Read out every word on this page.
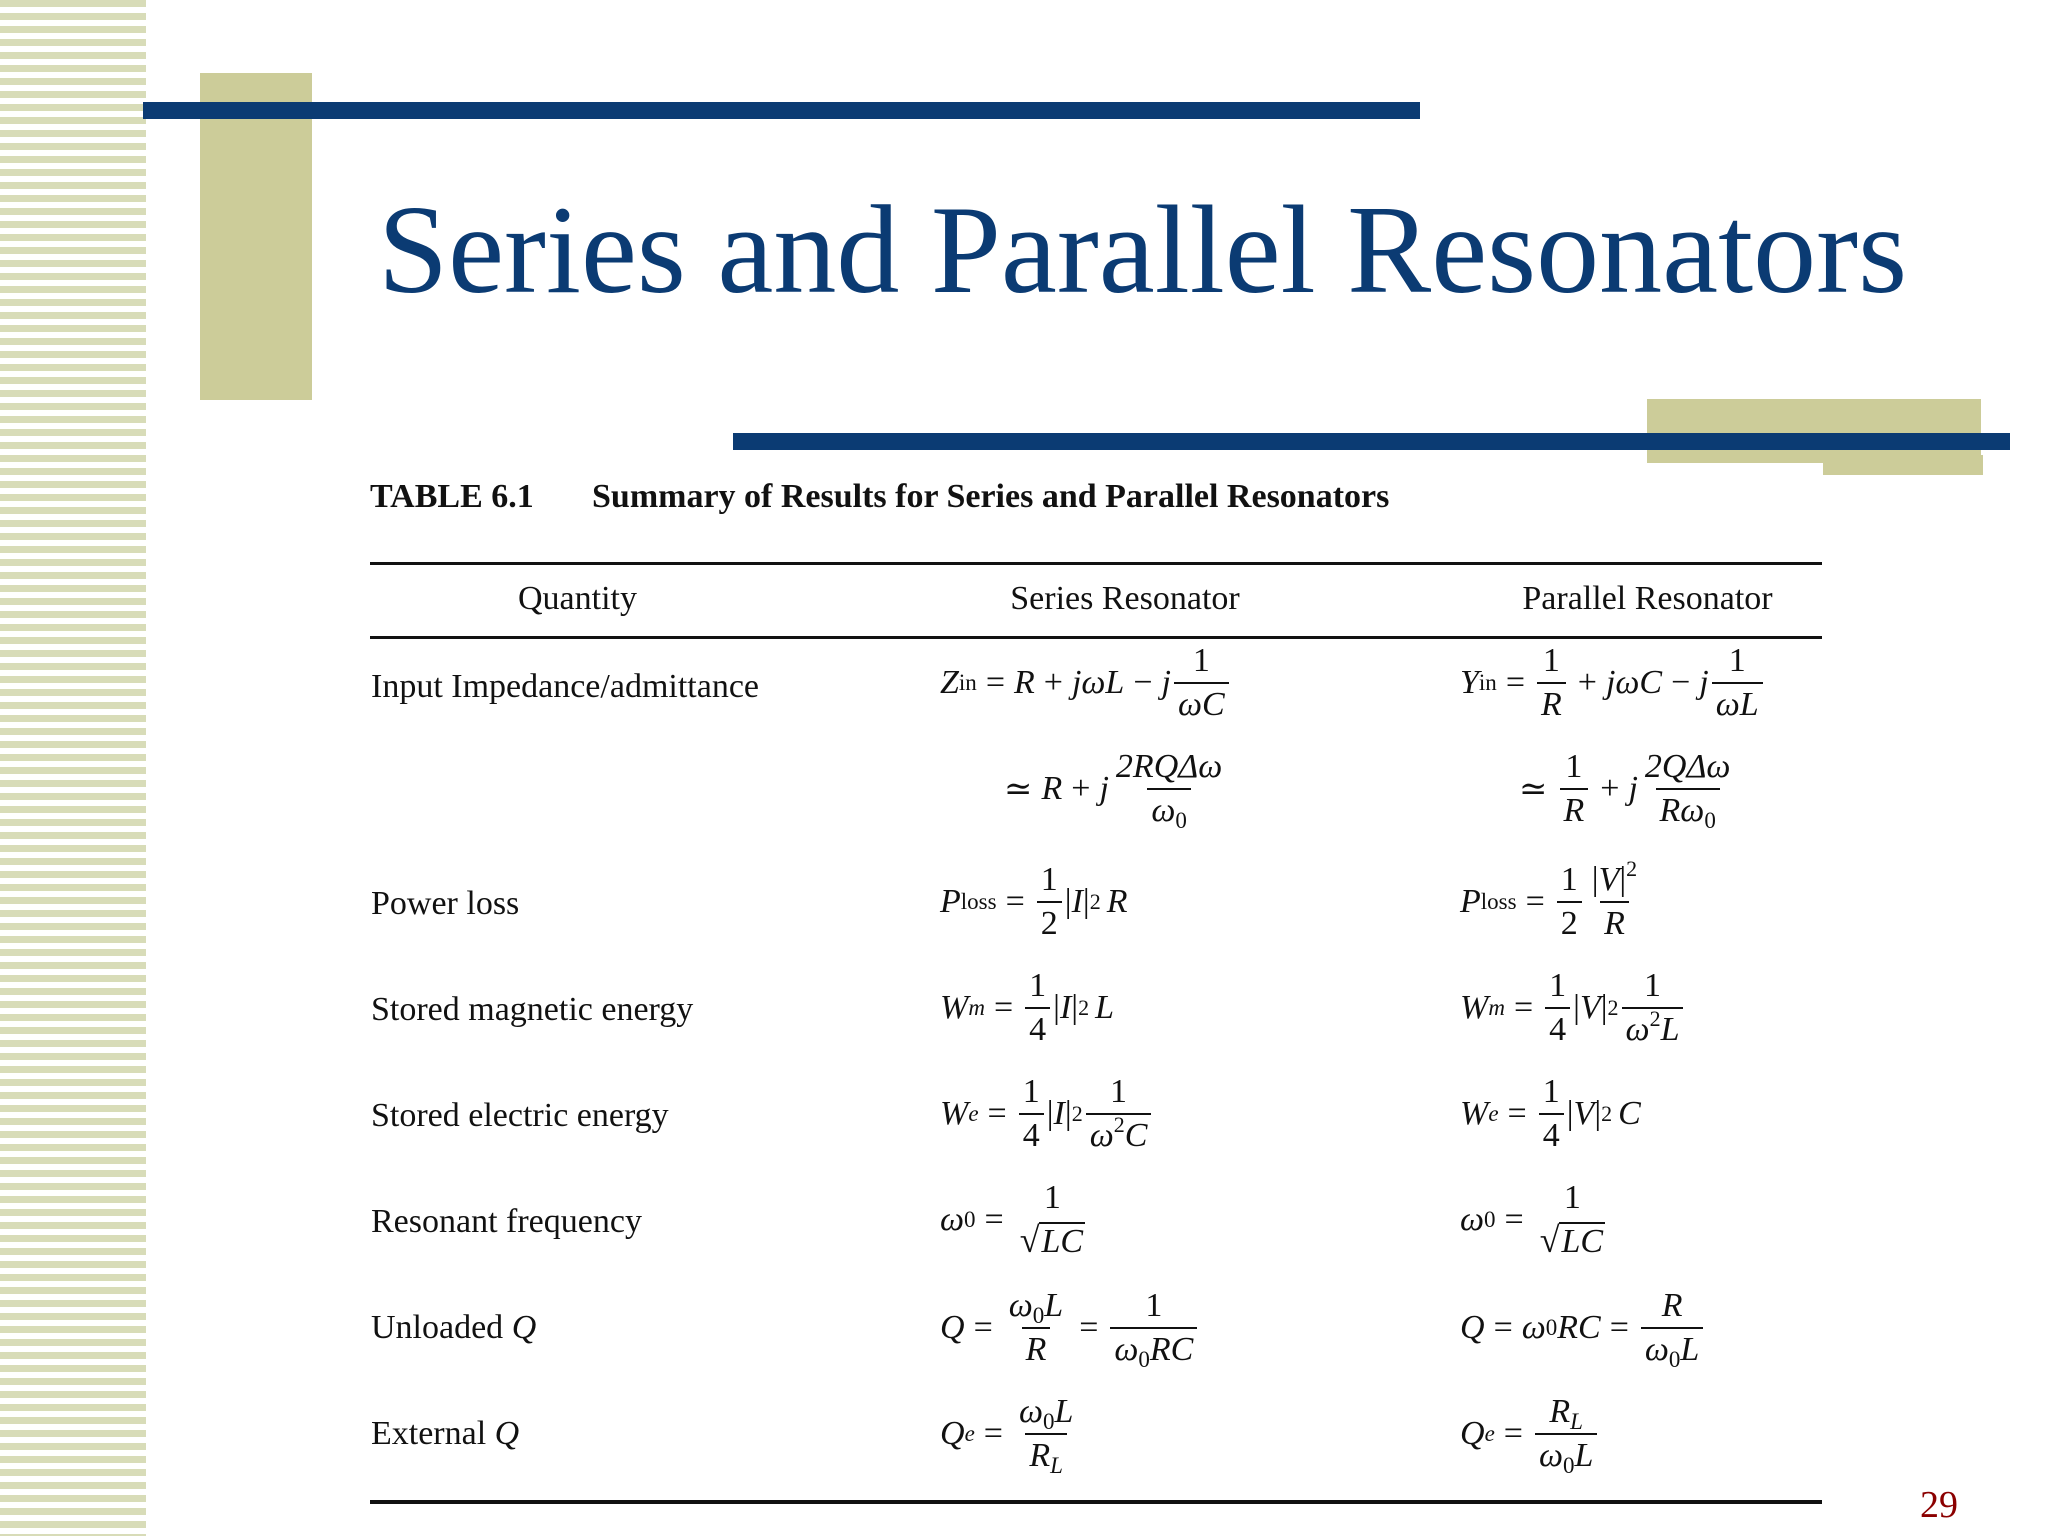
Series and Parallel Resonators
TABLE 6.1 Summary of Results for Series and Parallel Resonators
Quantity	Series Resonator	Parallel Resonator
Input Impedance/admittance
Power loss
Stored magnetic energy
Stored electric energy
Resonant frequency
Unloaded Q
External Q
Z in = R + jωL − j $\frac{1}{\omega C}$
≃ R + j $\frac{\text{2RQΔω}}{\omega_0}$
P loss = $\frac{1}{2}$ | I | 2 R
W $m = \frac{1}{4}$ | I | 2 L
W $e = \frac{1}{4}$ | I | $2 \frac{1}{\omega^2C}$
ω 0 =
1
√ LC
$Q = \frac{\omega_0L}{R} = \frac{1}{\omega_0RC}$
Q $e = \frac{\omega_0L}{R_L}$
Y in = $\frac{1}{R} + j\omega C - j \frac{1}{\omega L}$
≃ $\frac{1}{R} + j \frac{\text{2QΔω}}{R\omega_0}$
P loss = $\frac{1}{2} \frac{|V|^2}{R}$
W $m = \frac{1}{4}$ | V | $2 \frac{1}{\omega^2L}$
W $e = \frac{1}{4}$ | V | 2 C
ω 0 =
1
√ LC
Q = ω 0 RC = $\frac{R}{\omega_0L}$
Q $e = \frac{R_L}{\omega_0L}$
29
